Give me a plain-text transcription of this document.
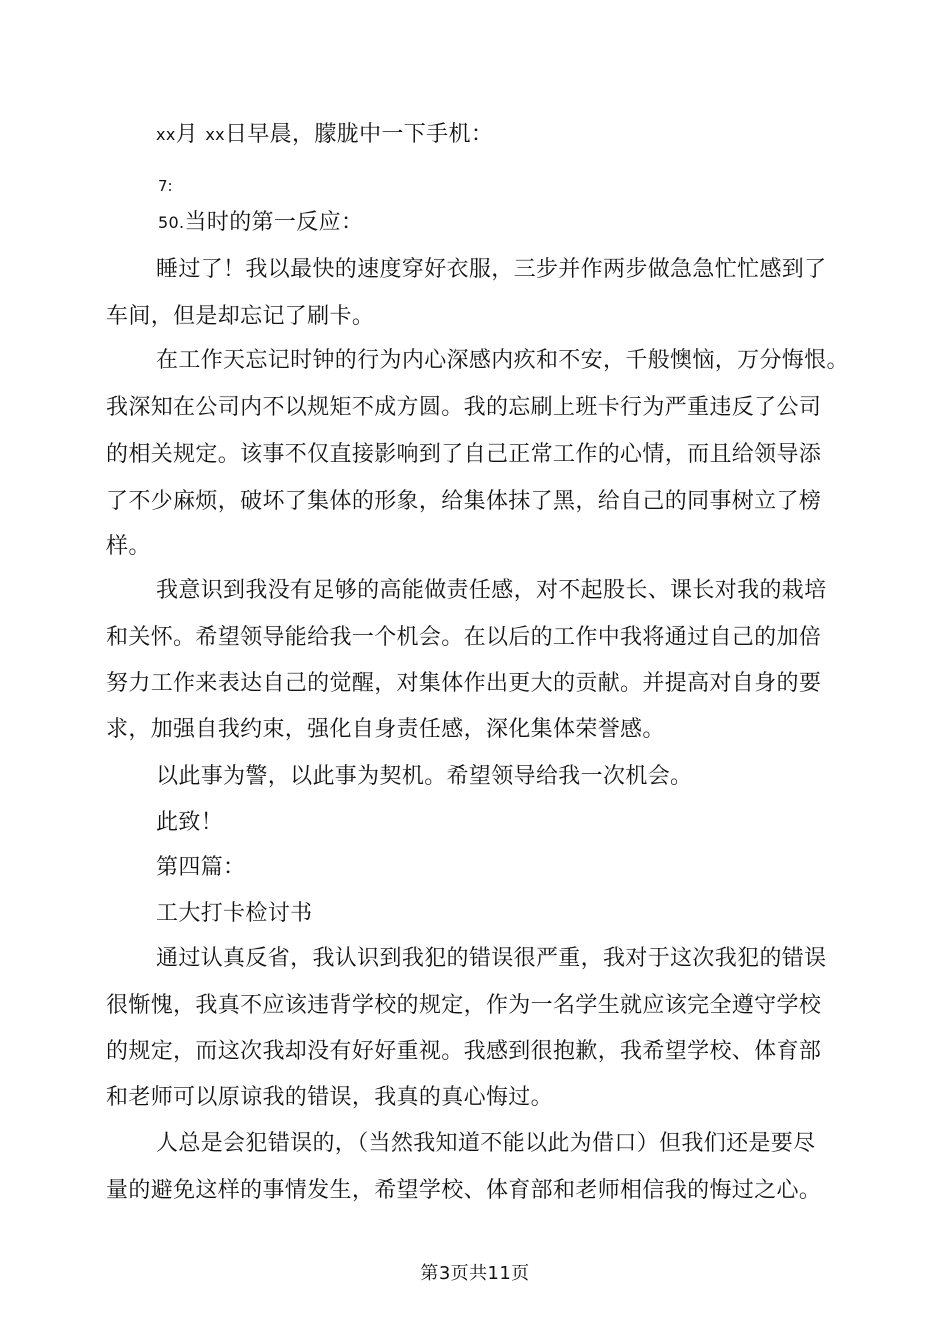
xx月 xx日早晨，朦胧中一下手机：
7:
50.当时的第一反应：
睡过了！我以最快的速度穿好衣服，三步并作两步做急急忙忙感到了
车间，但是却忘记了刷卡。
在工作天忘记时钟的行为内心深感内疚和不安，千般懊恼，万分悔恨。
我深知在公司内不以规矩不成方圆。我的忘刷上班卡行为严重违反了公司
的相关规定。该事不仅直接影响到了自己正常工作的心情，而且给领导添
了不少麻烦，破坏了集体的形象，给集体抹了黑，给自己的同事树立了榜
样。
我意识到我没有足够的高能做责任感，对不起股长、课长对我的栽培
和关怀。希望领导能给我一个机会。在以后的工作中我将通过自己的加倍
努力工作来表达自己的觉醒，对集体作出更大的贡献。并提高对自身的要
求，加强自我约束，强化自身责任感，深化集体荣誉感。
以此事为警，以此事为契机。希望领导给我一次机会。
此致！
第四篇：
工大打卡检讨书
通过认真反省，我认识到我犯的错误很严重，我对于这次我犯的错误
很惭愧，我真不应该违背学校的规定，作为一名学生就应该完全遵守学校
的规定，而这次我却没有好好重视。我感到很抱歉，我希望学校、体育部
和老师可以原谅我的错误，我真的真心悔过。
人总是会犯错误的，（当然我知道不能以此为借口）但我们还是要尽
量的避免这样的事情发生，希望学校、体育部和老师相信我的悔过之心。
第3页共11页
